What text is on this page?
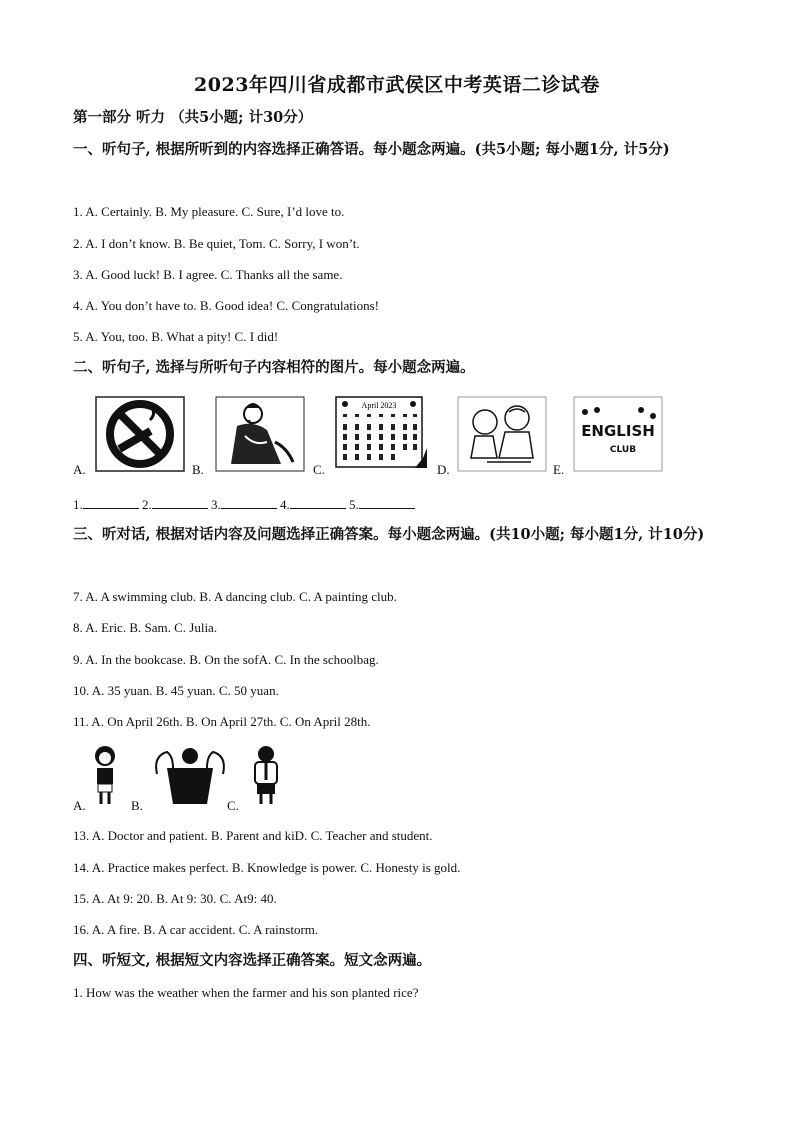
2023年四川省成都市武侯区中考英语二诊试卷
第一部分 听力 （共5小题; 计30分）
一、听句子, 根据所听到的内容选择正确答语。每小题念两遍。(共5小题; 每小题1分, 计5分)
1. A. Certainly. B. My pleasure. C. Sure, I’d love to.
2. A. I don’t know. B. Be quiet, Tom. C. Sorry, I won’t.
3. A. Good luck! B. I agree. C. Thanks all the same.
4. A. You don’t have to. B. Good idea! C. Congratulations!
5. A. You, too. B. What a pity! C. I did!
二、听句子, 选择与所听句子内容相符的图片。每小题念两遍。
A.	B.	C.
April 2023
D.	E.
ENGLISH
CLUB
1.	2.	3.	4.	5.
三、听对话, 根据对话内容及问题选择正确答案。每小题念两遍。(共10小题; 每小题1分, 计10分)
7. A. A swimming club. B. A dancing club. C. A painting club.
8. A. Eric. B. Sam. C. Julia.
9. A. In the bookcase. B. On the sofA. C. In the schoolbag.
10. A. 35 yuan. B. 45 yuan. C. 50 yuan.
11. A. On April 26th. B. On April 27th. C. On April 28th.
A.	B.	C.
13. A. Doctor and patient. B. Parent and kiD. C. Teacher and student.
14. A. Practice makes perfect. B. Knowledge is power. C. Honesty is gold.
15. A. At 9: 20. B. At 9: 30. C. At9: 40.
16. A. A fire. B. A car accident. C. A rainstorm.
四、听短文, 根据短文内容选择正确答案。短文念两遍。
1. How was the weather when the farmer and his son planted rice?
